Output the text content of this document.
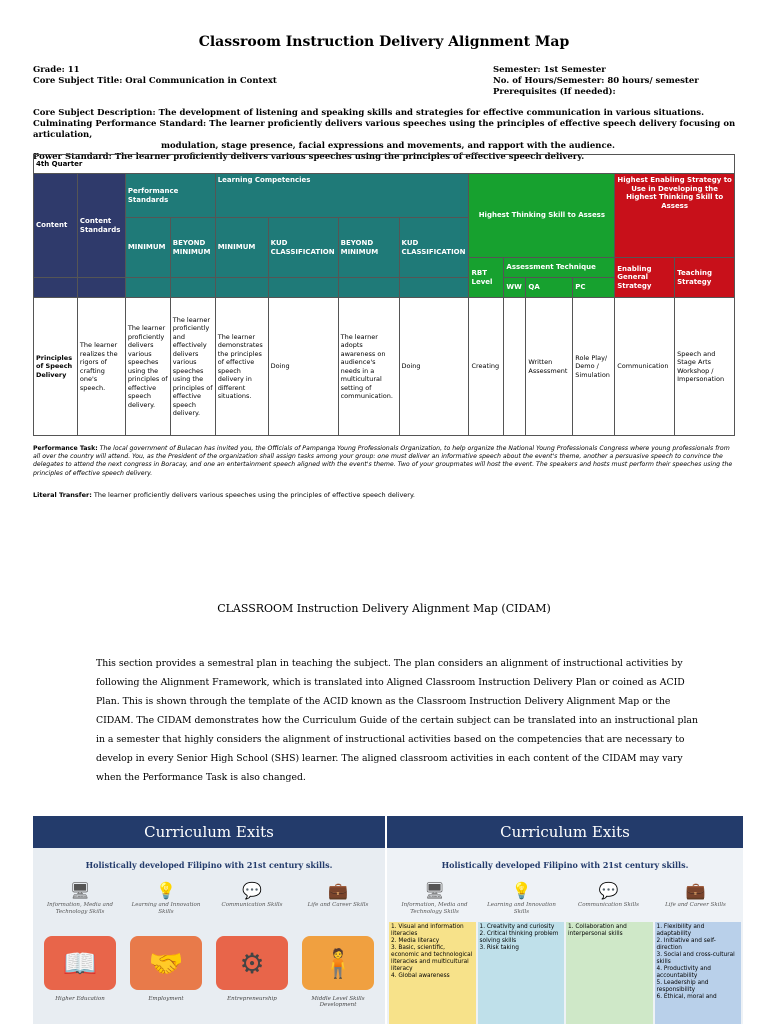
Classroom Instruction Delivery Alignment Map
Grade: 11
Core Subject Title: Oral Communication in Context
Semester: 1st Semester
No. of Hours/Semester: 80 hours/ semester
Prerequisites (If needed):
Core Subject Description: The development of listening and speaking skills and strategies for effective communication in various situations.
Culminating Performance Standard: The learner proficiently delivers various speeches using the principles of effective speech delivery focusing on articulation,
modulation, stage presence, facial expressions and movements, and rapport with the audience.
Power Standard: The learner proficiently delivers various speeches using the principles of effective speech delivery.
4th Quarter													
Content	Content Standards	Performance Standards		Learning Competencies				Highest Thinking Skill to Assess				Highest Enabling Strategy to Use in Developing the Highest Thinking Skill to Assess	
		MINIMUM	BEYOND MINIMUM	MINIMUM	KUD CLASSIFICATION	BEYOND MINIMUM	KUD CLASSIFICATION						
								RBT Level	Assessment Technique			Enabling General Strategy	Teaching Strategy
									WW	QA	PC		
Principles of Speech Delivery	The learner realizes the rigors of crafting one's speech.	The learner proficiently delivers various speeches using the principles of effective speech delivery.	The learner proficiently and effectively delivers various speeches using the principles of effective speech delivery.	The learner demonstrates the principles of effective speech delivery in different situations.	Doing	The learner adopts awareness on audience's needs in a multicultural setting of communication.	Doing	Creating		Written Assessment	Role Play/ Demo / Simulation	Communication	Speech and Stage Arts Workshop / Impersonation
Performance Task: The local government of Bulacan has invited you, the Officials of Pampanga Young Professionals Organization, to help organize the National Young Professionals Congress where young professionals from all over the country will attend. You, as the President of the organization shall assign tasks among your group: one must deliver an informative speech about the event's theme, another a persuasive speech to convince the delegates to attend the next congress in Boracay, and one an entertainment speech aligned with the event's theme. Two of your groupmates will host the event. The speakers and hosts must perform their speeches using the principles of effective speech delivery.
Literal Transfer: The learner proficiently delivers various speeches using the principles of effective speech delivery.
CLASSROOM Instruction Delivery Alignment Map (CIDAM)
This section provides a semestral plan in teaching the subject. The plan considers an alignment of instructional activities by following the Alignment Framework, which is translated into Aligned Classroom Instruction Delivery Plan or coined as ACID Plan. This is shown through the template of the ACID known as the Classroom Instruction Delivery Alignment Map or the CIDAM. The CIDAM demonstrates how the Curriculum Guide of the certain subject can be translated into an instructional plan in a semester that highly considers the alignment of instructional activities based on the competencies that are necessary to develop in every Senior High School (SHS) learner. The aligned classroom activities in each content of the CIDAM may vary when the Performance Task is also changed.
Curriculum Exits
Holistically developed Filipino with 21st century skills.
🖥
Information, Media and Technology Skills
💡
Learning and Innovation Skills
💬
Communication Skills
💼
Life and Career Skills
📖
Higher Education
🤝
Employment
⚙
Entrepreneurship
🧍
Middle Level Skills Development
Curriculum Exits
Holistically developed Filipino with 21st century skills.
🖥
Information, Media and Technology Skills
💡
Learning and Innovation Skills
💬
Communication Skills
💼
Life and Career Skills
1. Visual and information literacies
2. Media literacy
3. Basic, scientific, economic and technological literacies and multicultural literacy
4. Global awareness
1. Creativity and curiosity
2. Critical thinking problem solving skills
3. Risk taking
1. Collaboration and interpersonal skills
1. Flexibility and adaptability
2. Initiative and self-direction
3. Social and cross-cultural skills
4. Productivity and accountability
5. Leadership and responsibility
6. Ethical, moral and
